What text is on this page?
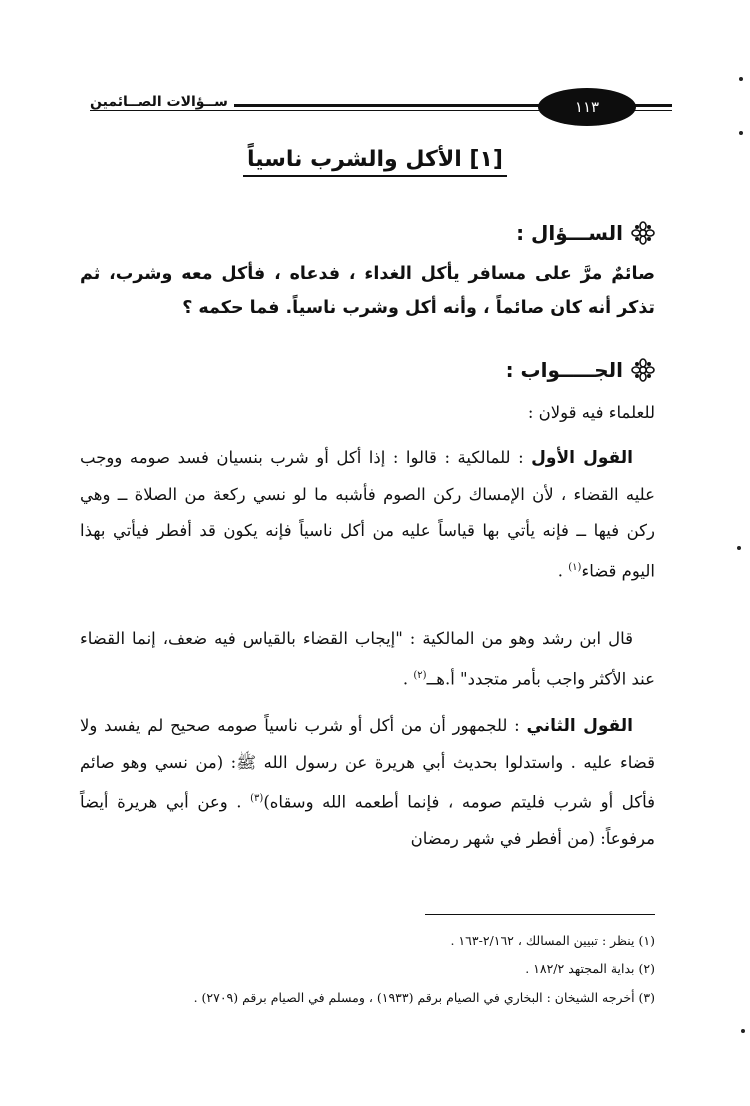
ســؤالات الصــائمين	١١٣
[١] الأكل والشرب ناسياً
الســـؤال :
صائمٌ مرَّ على مسافر يأكل الغداء ، فدعاه ، فأكل معه وشرب، ثم تذكر أنه كان صائماً ، وأنه أكل وشرب ناسياً. فما حكمه ؟
الجـــــواب :
للعلماء فيه قولان :
القول الأول : للمالكية : قالوا : إذا أكل أو شرب بنسيان فسد صومه ووجب عليه القضاء ، لأن الإمساك ركن الصوم فأشبه ما لو نسي ركعة من الصلاة ــ وهي ركن فيها ــ فإنه يأتي بها قياساً عليه من أكل ناسياً فإنه يكون قد أفطر فيأتي بهذا اليوم قضاء$^{(١)}$ .
قال ابن رشد وهو من المالكية : "إيجاب القضاء بالقياس فيه ضعف، إنما القضاء عند الأكثر واجب بأمر متجدد" أ.هــ$^{(٢)}$ .
القول الثاني : للجمهور أن من أكل أو شرب ناسياً صومه صحيح لم يفسد ولا قضاء عليه . واستدلوا بحديث أبي هريرة عن رسول الله ﷺ: (من نسي وهو صائم فأكل أو شرب فليتم صومه ، فإنما أطعمه الله وسقاه)$^{(٣)}$ . وعن أبي هريرة أيضاً مرفوعاً: (من أفطر في شهر رمضان
(١) ينظر : تبيين المسالك ، ٢/١٦٢-١٦٣ .
(٢) بداية المجتهد ١٨٢/٢ .
(٣) أخرجه الشيخان : البخاري في الصيام برقم (١٩٣٣) ، ومسلم في الصيام برقم (٢٧٠٩) .
